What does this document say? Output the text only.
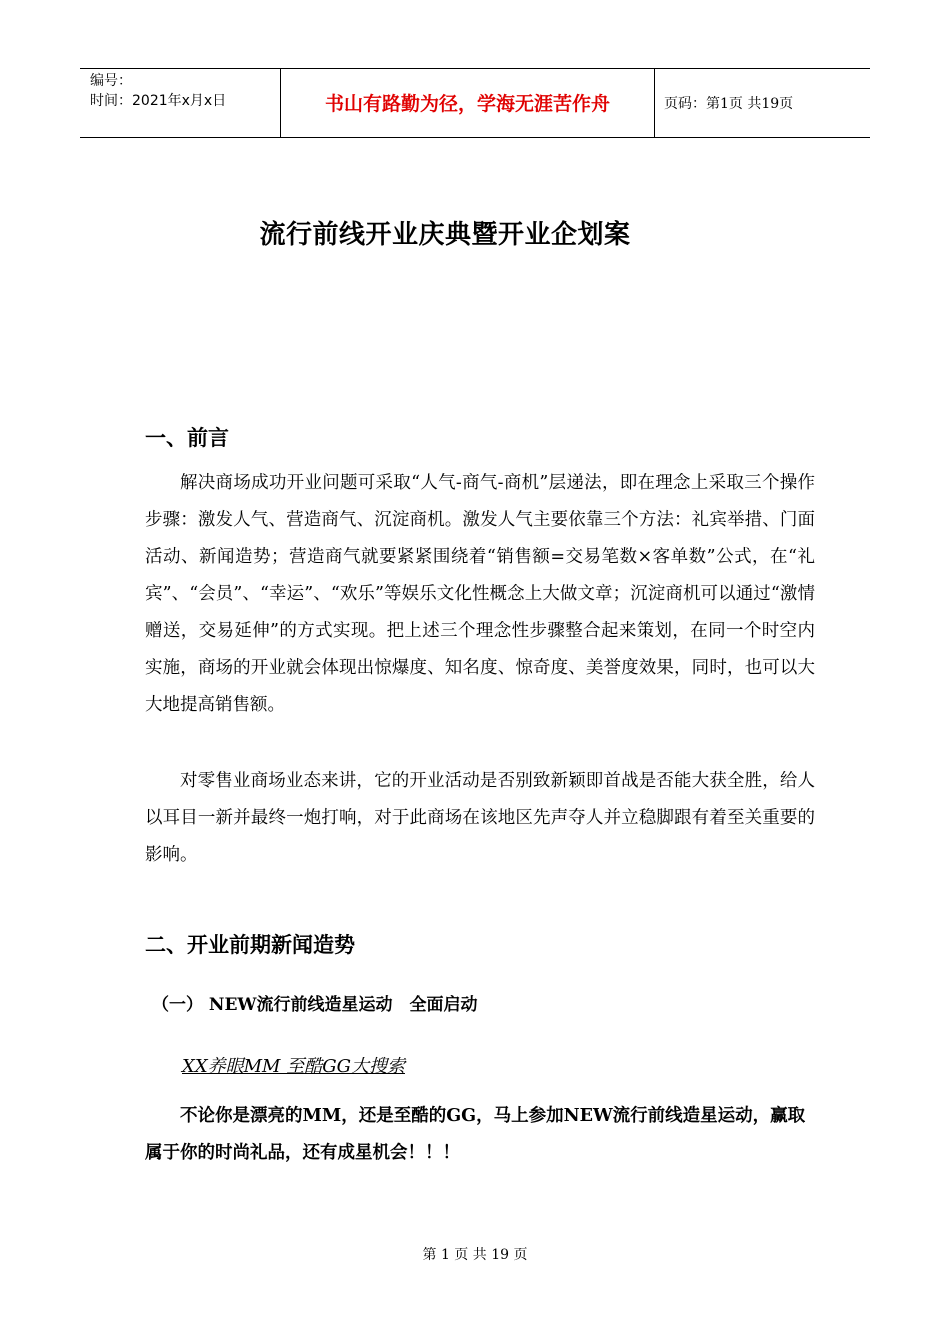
编号：
时间：2021年x月x日	书山有路勤为径，学海无涯苦作舟	页码：第1页 共19页
流行前线开业庆典暨开业企划案
一、前言

解决商场成功开业问题可采取“人气-商气-商机”层递法，即在理念上采取三个操作步骤：激发人气、营造商气、沉淀商机。激发人气主要依靠三个方法：礼宾举措、门面活动、新闻造势；营造商气就要紧紧围绕着“销售额=交易笔数×客单数”公式，在“礼宾”、“会员”、“幸运”、“欢乐”等娱乐文化性概念上大做文章；沉淀商机可以通过“激情赠送，交易延伸”的方式实现。把上述三个理念性步骤整合起来策划，在同一个时空内实施，商场的开业就会体现出惊爆度、知名度、惊奇度、美誉度效果，同时，也可以大大地提高销售额。

对零售业商场业态来讲，它的开业活动是否别致新颖即首战是否能大获全胜，给人以耳目一新并最终一炮打响，对于此商场在该地区先声夺人并立稳脚跟有着至关重要的影响。

二、开业前期新闻造势
（一） NEW流行前线造星运动　全面启动
XX养眼MM 至酷GG大搜索

不论你是漂亮的MM，还是至酷的GG，马上参加NEW流行前线造星运动，赢取属于你的时尚礼品，还有成星机会！！！

第 1 页 共 19 页
